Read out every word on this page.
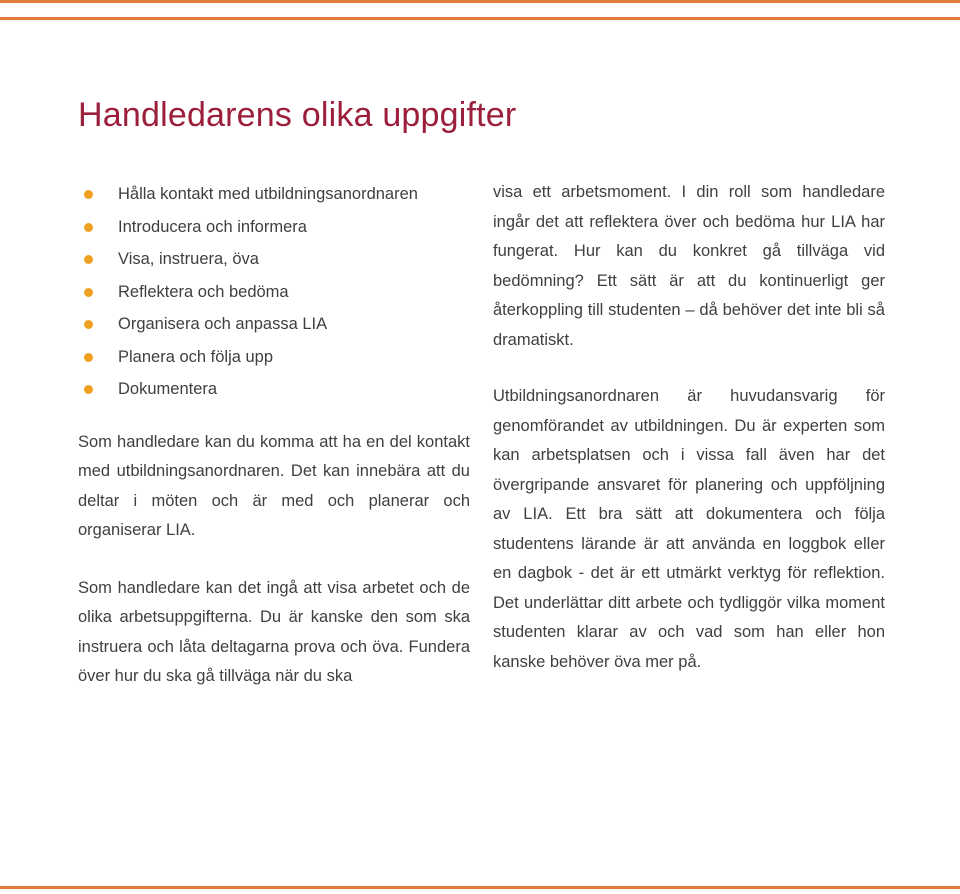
Handledarens olika uppgifter
Hålla kontakt med utbildningsanordnaren
Introducera och informera
Visa, instruera, öva
Reflektera och bedöma
Organisera och anpassa LIA
Planera och följa upp
Dokumentera

Som handledare kan du komma att ha en del kontakt med utbildningsanordnaren. Det kan innebära att du deltar i möten och är med och planerar och organiserar LIA.

Som handledare kan det ingå att visa arbetet och de olika arbetsuppgifterna. Du är kanske den som ska instruera och låta deltagarna prova och öva. Fundera över hur du ska gå tillväga när du ska

visa ett arbetsmoment. I din roll som handledare ingår det att reflektera över och bedöma hur LIA har fungerat. Hur kan du konkret gå tillväga vid bedömning? Ett sätt är att du kontinuerligt ger återkoppling till studenten – då behöver det inte bli så dramatiskt.

Utbildningsanordnaren är huvudansvarig för genomförandet av utbildningen. Du är experten som kan arbetsplatsen och i vissa fall även har det övergripande ansvaret för planering och uppföljning av LIA. Ett bra sätt att dokumentera och följa studentens lärande är att använda en loggbok eller en dagbok - det är ett utmärkt verktyg för reflektion. Det underlättar ditt arbete och tydliggör vilka moment studenten klarar av och vad som han eller hon kanske behöver öva mer på.
